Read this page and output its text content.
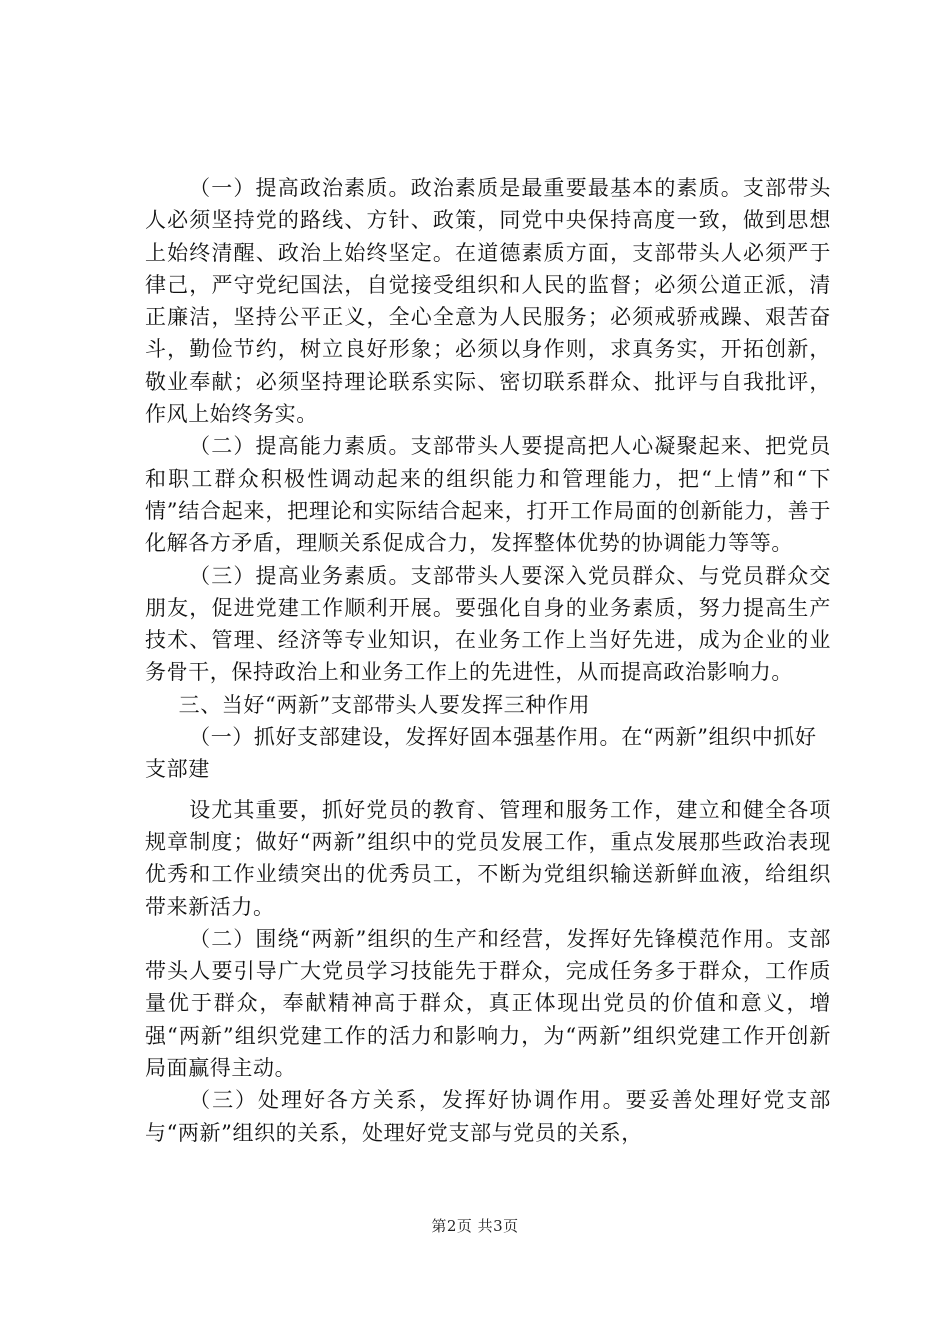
（一）提高政治素质。政治素质是最重要最基本的素质。支部带头人必须坚持党的路线、方针、政策，同党中央保持高度一致，做到思想上始终清醒、政治上始终坚定。在道德素质方面，支部带头人必须严于律己，严守党纪国法，自觉接受组织和人民的监督；必须公道正派，清正廉洁，坚持公平正义，全心全意为人民服务；必须戒骄戒躁、艰苦奋斗，勤俭节约，树立良好形象；必须以身作则，求真务实，开拓创新，敬业奉献；必须坚持理论联系实际、密切联系群众、批评与自我批评，作风上始终务实。

（二）提高能力素质。支部带头人要提高把人心凝聚起来、把党员和职工群众积极性调动起来的组织能力和管理能力，把“上情”和“下情”结合起来，把理论和实际结合起来，打开工作局面的创新能力，善于化解各方矛盾，理顺关系促成合力，发挥整体优势的协调能力等等。

（三）提高业务素质。支部带头人要深入党员群众、与党员群众交朋友，促进党建工作顺利开展。要强化自身的业务素质，努力提高生产技术、管理、经济等专业知识，在业务工作上当好先进，成为企业的业务骨干，保持政治上和业务工作上的先进性，从而提高政治影响力。

三、当好“两新”支部带头人要发挥三种作用

（一）抓好支部建设，发挥好固本强基作用。在“两新”组织中抓好支部建

设尤其重要，抓好党员的教育、管理和服务工作，建立和健全各项规章制度；做好“两新”组织中的党员发展工作，重点发展那些政治表现优秀和工作业绩突出的优秀员工，不断为党组织输送新鲜血液，给组织带来新活力。

（二）围绕“两新”组织的生产和经营，发挥好先锋模范作用。支部带头人要引导广大党员学习技能先于群众，完成任务多于群众，工作质量优于群众，奉献精神高于群众，真正体现出党员的价值和意义，增强“两新”组织党建工作的活力和影响力，为“两新”组织党建工作开创新局面赢得主动。

（三）处理好各方关系，发挥好协调作用。要妥善处理好党支部与“两新”组织的关系，处理好党支部与党员的关系，

第2页 共3页
